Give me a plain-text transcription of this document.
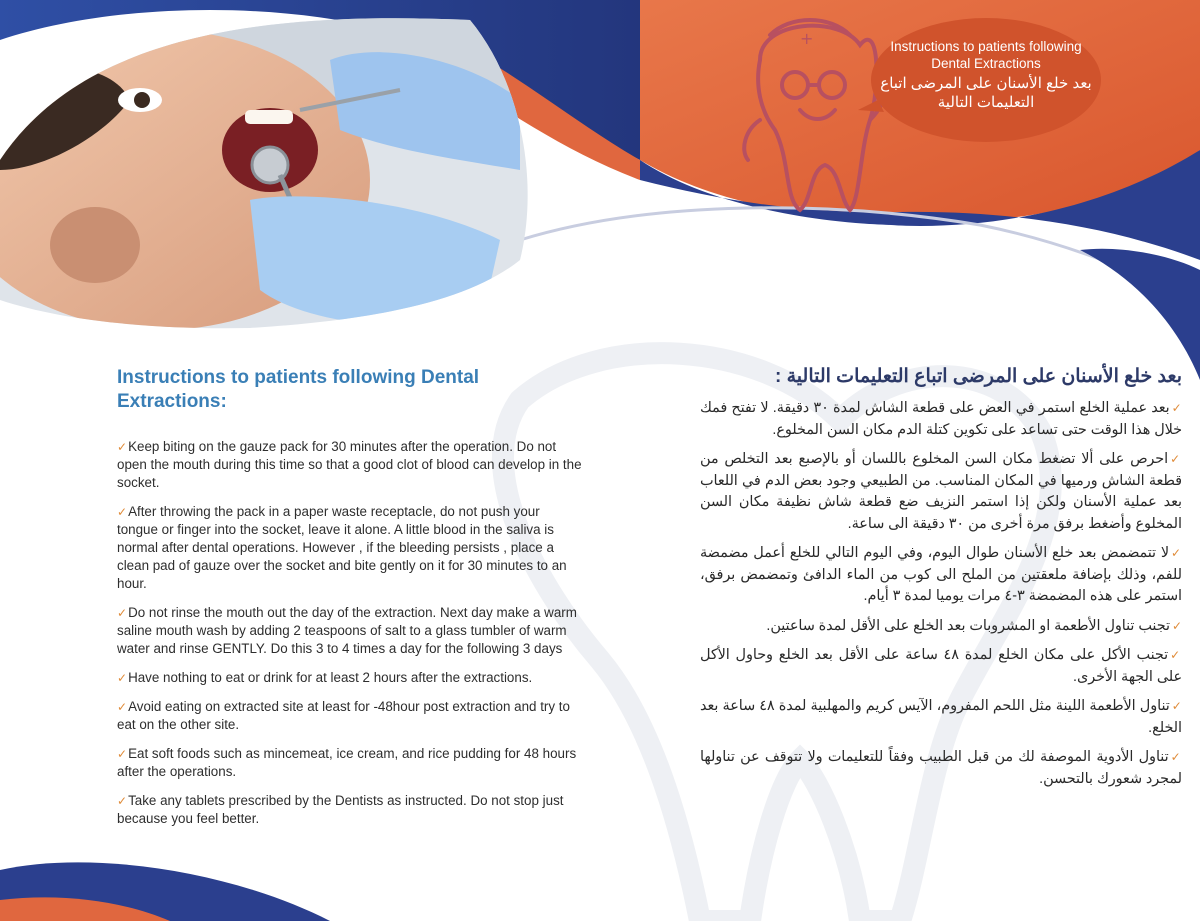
+	Instructions to patients following Dental Extractions
بعد خلع الأسنان على المرضى اتباع التعليمات التالية
Instructions to patients following Dental Extractions:
✓Keep biting on the gauze pack for 30 minutes after the operation. Do not open the mouth during this time so that a good clot of blood can develop in the socket.
✓After throwing the pack in a paper waste receptacle, do not push your tongue or finger into the socket, leave it alone. A little blood in the saliva is normal after dental operations. However , if the bleeding persists , place a clean pad of gauze over the socket and bite gently on it for 30 minutes to an hour.
✓Do not rinse the mouth out the day of the extraction. Next day make a warm saline mouth wash by adding 2 teaspoons of salt to a glass tumbler of warm water and rinse GENTLY. Do this 3 to 4 times a day for the following 3 days
✓Have nothing to eat or drink for at least 2 hours after the extractions.
✓Avoid eating on extracted site at least for -48hour post extraction and try to eat on the other site.
✓Eat soft foods such as mincemeat, ice cream, and rice pudding for 48 hours after the operations.
✓Take any tablets prescribed by the Dentists as instructed. Do not stop just because you feel better.
بعد خلع الأسنان على المرضى اتباع التعليمات التالية :
✓بعد عملية الخلع استمر في العض على قطعة الشاش لمدة ٣٠ دقيقة. لا تفتح فمك خلال هذا الوقت حتى تساعد على تكوين كتلة الدم مكان السن المخلوع.
✓احرص على ألا تضغط مكان السن المخلوع باللسان أو بالإصبع بعد التخلص من قطعة الشاش ورميها في المكان المناسب. من الطبيعي وجود بعض الدم في اللعاب بعد عملية الأسنان ولكن إذا استمر النزيف ضع قطعة شاش نظيفة مكان السن المخلوع وأضغط برفق مرة أخرى من ٣٠ دقيقة الى ساعة.
✓لا تتمضمض بعد خلع الأسنان طوال اليوم، وفي اليوم التالي للخلع أعمل مضمضة للفم، وذلك بإضافة ملعقتين من الملح الى كوب من الماء الدافئ وتمضمض برفق، استمر على هذه المضمضة ٣-٤ مرات يوميا لمدة ٣ أيام.
✓تجنب تناول الأطعمة او المشروبات بعد الخلع على الأقل لمدة ساعتين.
✓تجنب الأكل على مكان الخلع لمدة ٤٨ ساعة على الأقل بعد الخلع وحاول الأكل على الجهة الأخرى.
✓تناول الأطعمة اللينة مثل اللحم المفروم، الآيس كريم والمهلبية لمدة ٤٨ ساعة بعد الخلع.
✓تناول الأدوية الموصفة لك من قبل الطبيب وفقاً للتعليمات ولا تتوقف عن تناولها لمجرد شعورك بالتحسن.
